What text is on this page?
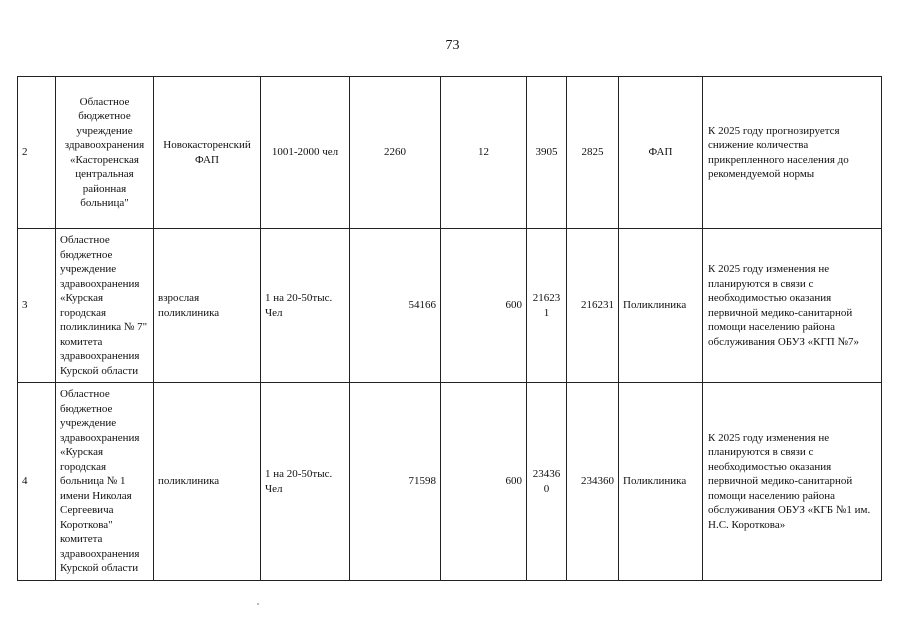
73
2	Областное бюджетное учреждение здравоохранения «Касторенская центральная районная больница"	Новокасторенский ФАП	1001-2000 чел	2260	12	3905	2825	ФАП	К 2025 году прогнозируется снижение количества прикрепленного населения до рекомендуемой нормы
3	Областное бюджетное учреждение здравоохранения «Курская городская поликлиника № 7" комитета здравоохранения Курской области	взрослая поликлиника	1 на 20-50тыс. Чел	54166	600	216231	216231	Поликлиника	К 2025 году изменения не планируются в связи с необходимостью оказания первичной медико-санитарной помощи населению района обслуживания ОБУЗ «КГП №7»
4	Областное бюджетное учреждение здравоохранения «Курская городская больница № 1 имени Николая Сергеевича Короткова" комитета здравоохранения Курской области	поликлиника	1 на 20-50тыс. Чел	71598	600	234360	234360	Поликлиника	К 2025 году изменения не планируются в связи с необходимостью оказания первичной медико-санитарной помощи населению района обслуживания ОБУЗ «КГБ №1 им. Н.С. Короткова»
